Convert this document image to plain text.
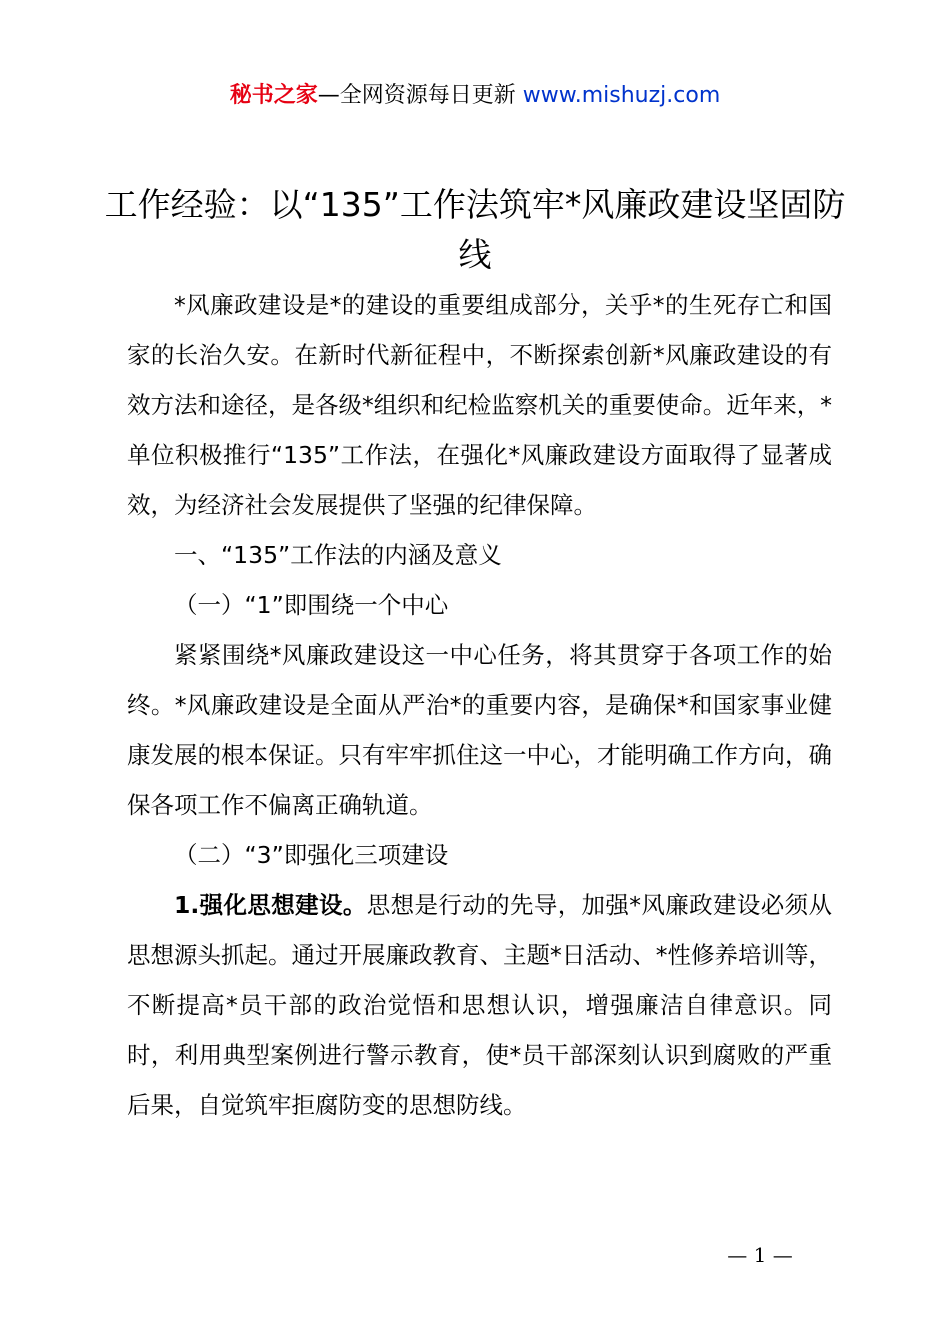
秘书之家—全网资源每日更新 www.mishuzj.com
工作经验：以“135”工作法筑牢*风廉政建设坚固防线

*风廉政建设是*的建设的重要组成部分，关乎*的生死存亡和国家的长治久安。在新时代新征程中，不断探索创新*风廉政建设的有效方法和途径，是各级*组织和纪检监察机关的重要使命。近年来，*单位积极推行“135”工作法，在强化*风廉政建设方面取得了显著成效，为经济社会发展提供了坚强的纪律保障。

一、“135”工作法的内涵及意义

（一）“1”即围绕一个中心

紧紧围绕*风廉政建设这一中心任务，将其贯穿于各项工作的始终。*风廉政建设是全面从严治*的重要内容，是确保*和国家事业健康发展的根本保证。只有牢牢抓住这一中心，才能明确工作方向，确保各项工作不偏离正确轨道。

（二）“3”即强化三项建设

1.强化思想建设。思想是行动的先导，加强*风廉政建设必须从思想源头抓起。通过开展廉政教育、主题*日活动、*性修养培训等，不断提高*员干部的政治觉悟和思想认识，增强廉洁自律意识。同时，利用典型案例进行警示教育，使*员干部深刻认识到腐败的严重后果，自觉筑牢拒腐防变的思想防线。

— 1 —
